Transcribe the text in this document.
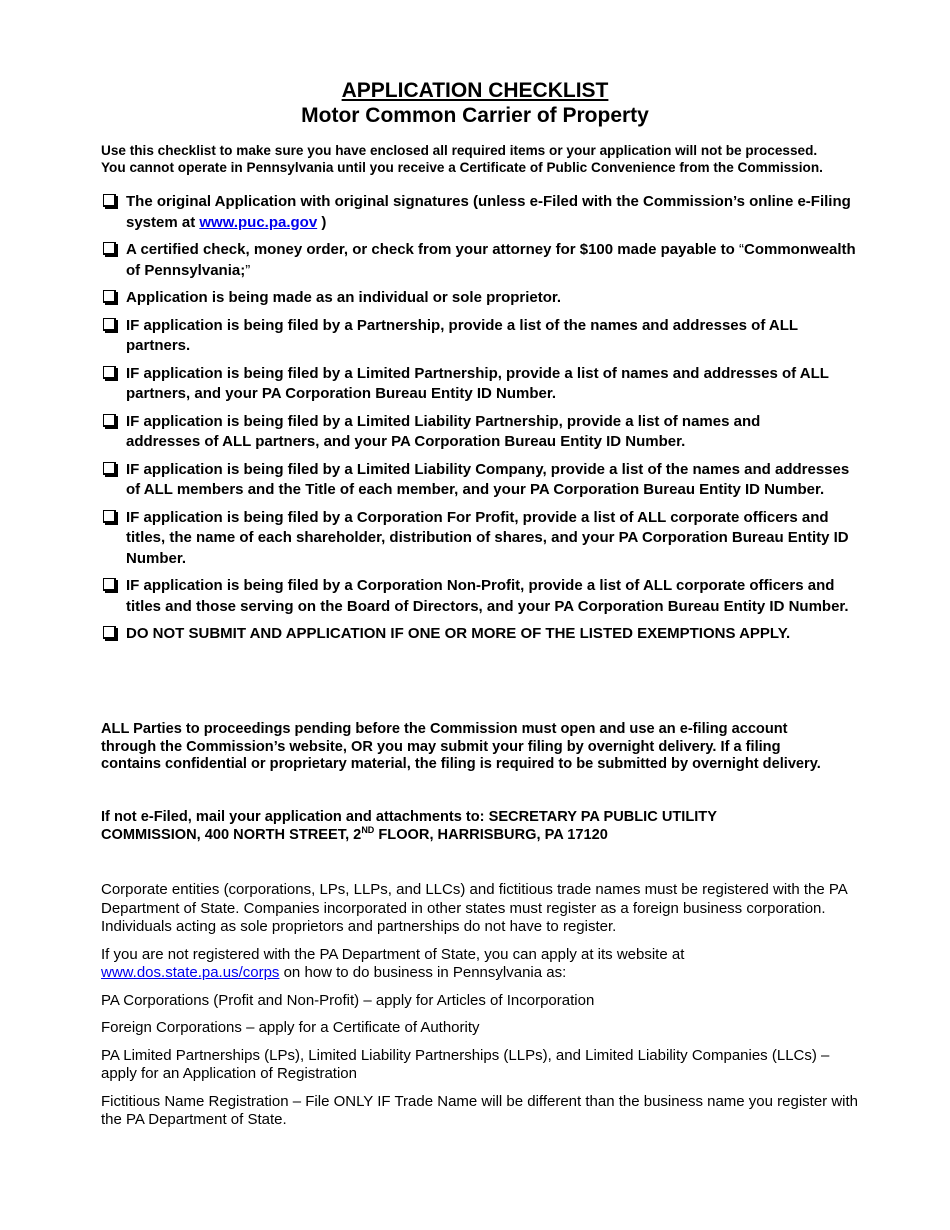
APPLICATION CHECKLIST
Motor Common Carrier of Property
Use this checklist to make sure you have enclosed all required items or your application will not be processed.
You cannot operate in Pennsylvania until you receive a Certificate of Public Convenience from the Commission.
The original Application with original signatures (unless e-Filed with the Commission’s online e-Filing system at www.puc.pa.gov )
A certified check, money order, or check from your attorney for $100 made payable to “Commonwealth of Pennsylvania;”
Application is being made as an individual or sole proprietor.
IF application is being filed by a Partnership, provide a list of the names and addresses of ALL partners.
IF application is being filed by a Limited Partnership, provide a list of names and addresses of ALL partners, and your PA Corporation Bureau Entity ID Number.
IF application is being filed by a Limited Liability Partnership, provide a list of names and addresses of ALL partners, and your PA Corporation Bureau Entity ID Number.
IF application is being filed by a Limited Liability Company, provide a list of the names and addresses of ALL members and the Title of each member, and your PA Corporation Bureau Entity ID Number.
IF application is being filed by a Corporation For Profit, provide a list of ALL corporate officers and titles, the name of each shareholder, distribution of shares, and your PA Corporation Bureau Entity ID Number.
IF application is being filed by a Corporation Non-Profit, provide a list of ALL corporate officers and titles and those serving on the Board of Directors, and your PA Corporation Bureau Entity ID Number.
DO NOT SUBMIT AND APPLICATION IF ONE OR MORE OF THE LISTED EXEMPTIONS APPLY.
ALL Parties to proceedings pending before the Commission must open and use an e-filing account through the Commission’s website, OR you may submit your filing by overnight delivery. If a filing contains confidential or proprietary material, the filing is required to be submitted by overnight delivery.
If not e-Filed, mail your application and attachments to: SECRETARY PA PUBLIC UTILITY COMMISSION, 400 NORTH STREET, 2ND FLOOR, HARRISBURG, PA 17120

Corporate entities (corporations, LPs, LLPs, and LLCs) and fictitious trade names must be registered with the PA Department of State. Companies incorporated in other states must register as a foreign business corporation. Individuals acting as sole proprietors and partnerships do not have to register.

If you are not registered with the PA Department of State, you can apply at its website at www.dos.state.pa.us/corps on how to do business in Pennsylvania as:

PA Corporations (Profit and Non-Profit) – apply for Articles of Incorporation

Foreign Corporations – apply for a Certificate of Authority

PA Limited Partnerships (LPs), Limited Liability Partnerships (LLPs), and Limited Liability Companies (LLCs) – apply for an Application of Registration

Fictitious Name Registration – File ONLY IF Trade Name will be different than the business name you register with the PA Department of State.
